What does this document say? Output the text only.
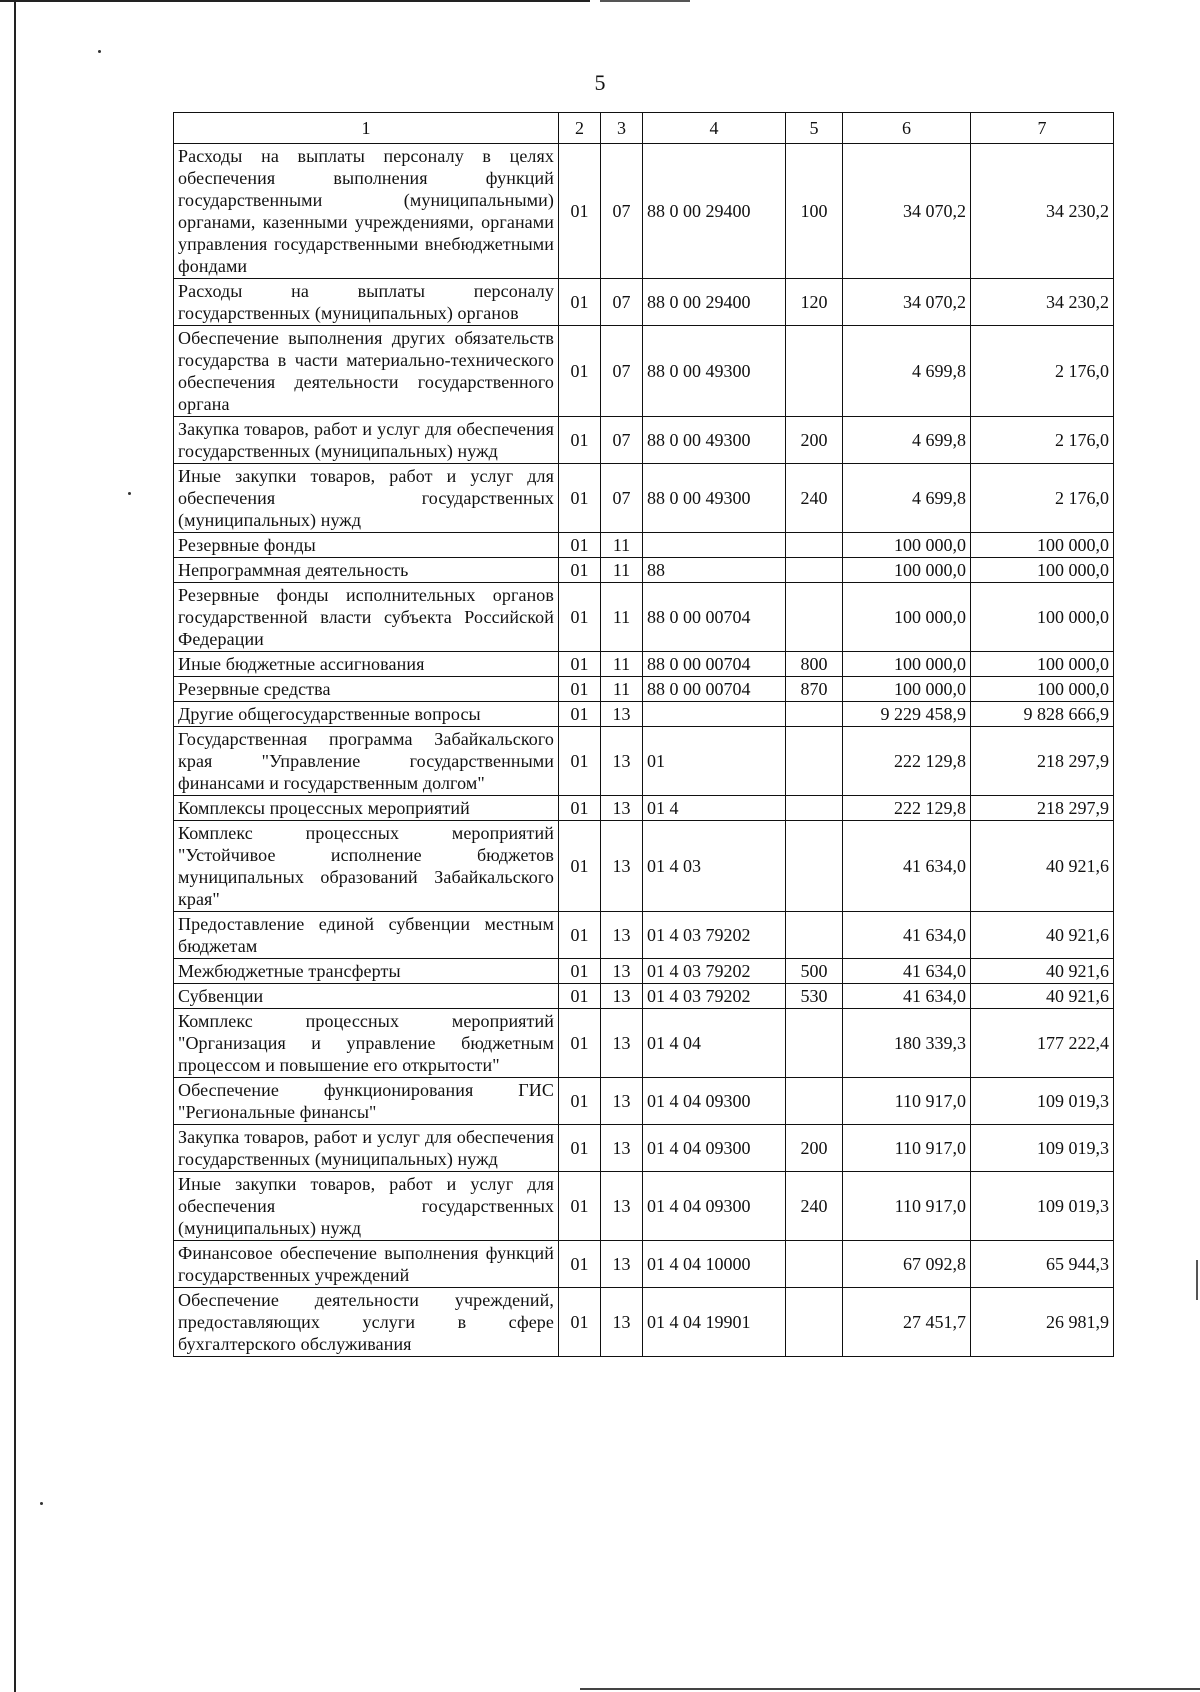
5
1	2	3	4	5	6	7
Расходы на выплаты персоналу в целях обеспечения выполнения функций государственными (муниципальными) органами, казенными учреждениями, органами управления государственными внебюджетными фондами	01	07	88 0 00 29400	100	34 070,2	34 230,2
Расходы на выплаты персоналу государственных (муниципальных) органов	01	07	88 0 00 29400	120	34 070,2	34 230,2
Обеспечение выполнения других обязательств государства в части материально-технического обеспечения деятельности государственного органа	01	07	88 0 00 49300		4 699,8	2 176,0
Закупка товаров, работ и услуг для обеспечения государственных (муниципальных) нужд	01	07	88 0 00 49300	200	4 699,8	2 176,0
Иные закупки товаров, работ и услуг для обеспечения государственных (муниципальных) нужд	01	07	88 0 00 49300	240	4 699,8	2 176,0
Резервные фонды	01	11			100 000,0	100 000,0
Непрограммная деятельность	01	11	88		100 000,0	100 000,0
Резервные фонды исполнительных органов государственной власти субъекта Российской Федерации	01	11	88 0 00 00704		100 000,0	100 000,0
Иные бюджетные ассигнования	01	11	88 0 00 00704	800	100 000,0	100 000,0
Резервные средства	01	11	88 0 00 00704	870	100 000,0	100 000,0
Другие общегосударственные вопросы	01	13			9 229 458,9	9 828 666,9
Государственная программа Забайкальского края "Управление государственными финансами и государственным долгом"	01	13	01		222 129,8	218 297,9
Комплексы процессных мероприятий	01	13	01 4		222 129,8	218 297,9
Комплекс процессных мероприятий "Устойчивое исполнение бюджетов муниципальных образований Забайкальского края"	01	13	01 4 03		41 634,0	40 921,6
Предоставление единой субвенции местным бюджетам	01	13	01 4 03 79202		41 634,0	40 921,6
Межбюджетные трансферты	01	13	01 4 03 79202	500	41 634,0	40 921,6
Субвенции	01	13	01 4 03 79202	530	41 634,0	40 921,6
Комплекс процессных мероприятий "Организация и управление бюджетным процессом и повышение его открытости"	01	13	01 4 04		180 339,3	177 222,4
Обеспечение функционирования ГИС "Региональные финансы"	01	13	01 4 04 09300		110 917,0	109 019,3
Закупка товаров, работ и услуг для обеспечения государственных (муниципальных) нужд	01	13	01 4 04 09300	200	110 917,0	109 019,3
Иные закупки товаров, работ и услуг для обеспечения государственных (муниципальных) нужд	01	13	01 4 04 09300	240	110 917,0	109 019,3
Финансовое обеспечение выполнения функций государственных учреждений	01	13	01 4 04 10000		67 092,8	65 944,3
Обеспечение деятельности учреждений, предоставляющих услуги в сфере бухгалтерского обслуживания	01	13	01 4 04 19901		27 451,7	26 981,9
